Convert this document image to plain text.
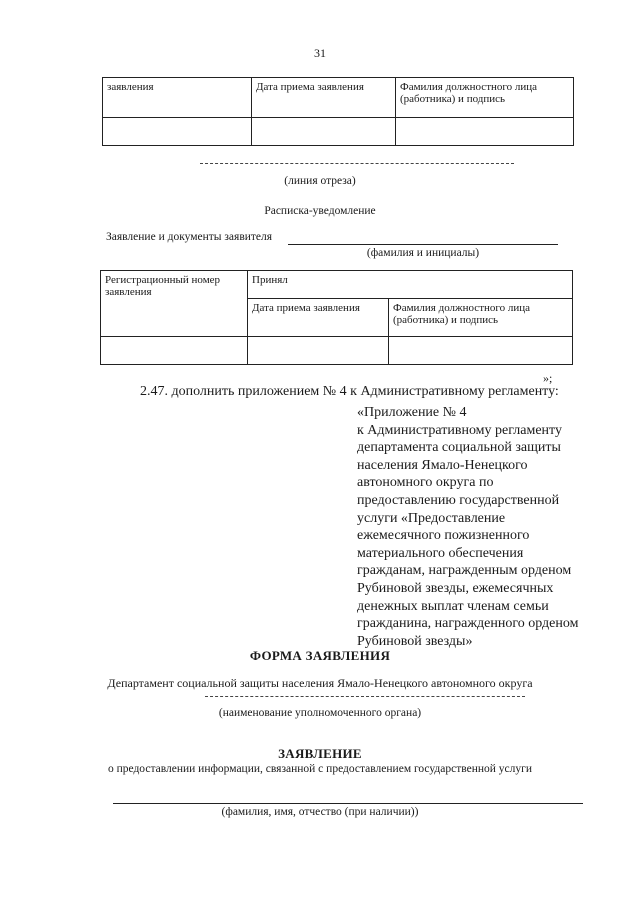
31
заявления	Дата приема заявления	Фамилия должностного лица (работника) и подпись

(линия отреза)
Расписка-уведомление
Заявление и документы заявителя
(фамилия и инициалы)
Регистрационный номер заявления	Принял	
	Дата приема заявления	Фамилия должностного лица (работника) и подпись

»;
2.47. дополнить приложением № 4 к Административному регламенту:
«Приложение № 4
к Административному регламенту
департамента социальной защиты
населения Ямало-Ненецкого
автономного округа по
предоставлению государственной
услуги «Предоставление
ежемесячного пожизненного
материального обеспечения
гражданам, награжденным орденом
Рубиновой звезды, ежемесячных
денежных выплат членам семьи
гражданина, награжденного орденом
Рубиновой звезды»
ФОРМА ЗАЯВЛЕНИЯ
Департамент социальной защиты населения Ямало-Ненецкого автономного округа
(наименование уполномоченного органа)
ЗАЯВЛЕНИЕ
о предоставлении информации, связанной с предоставлением государственной услуги
(фамилия, имя, отчество (при наличии))
